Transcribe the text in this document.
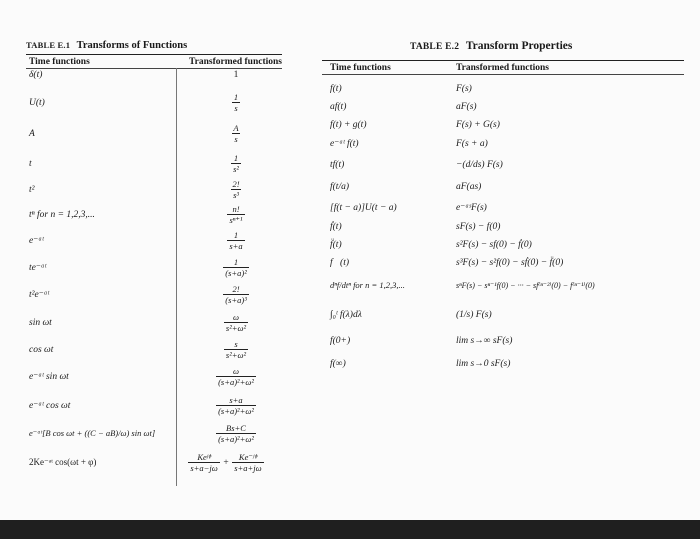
TABLE E.1 Transforms of Functions
Time functions	Transformed functions
δ(t)	1
U(t)	$\frac{1}{s}$
A	$\frac{A}{s}$
t	$\frac{1}{\text{s²}}$
t²	$\frac{2!}{\text{s³}}$
tⁿ for n = 1,2,3,...	$\frac{n!}{\text{sⁿ⁺¹}}$
e⁻ᵃᵗ	$\frac{1}{s+a}$
te⁻ᵃᵗ	$\frac{1}{\text{(s+a)²}}$
t²e⁻ᵃᵗ	$\frac{2!}{\text{(s+a)³}}$
sin ωt	$\frac{\omega}{\text{s²+ω²}}$
cos ωt	$\frac{s}{\text{s²+ω²}}$
e⁻ᵃᵗ sin ωt	$\frac{\omega}{\text{(s+a)²+ω²}}$
e⁻ᵃᵗ cos ωt	$\frac{s+a}{\text{(s+a)²+ω²}}$
e⁻ᵃᵗ[B cos ωt + ((C − aB)/ω) sin ωt]	$\frac{Bs+C}{\text{(s+a)²+ω²}}$
2Ke⁻ᵃᵗ cos(ωt + φ)	$\frac{\text{Keʲᶲ}}{s+a-j\omega} + \frac{\text{Ke⁻ʲᶲ}}{s+a+j\omega}$
TABLE E.2 Transform Properties
Time functions	Transformed functions
f(t)	F(s)
af(t)	aF(s)
f(t) + g(t)	F(s) + G(s)
e⁻ᵃᵗ f(t)	F(s + a)
tf(t)	−(d/ds) F(s)
f(t/a)	aF(as)
[f(t − a)]U(t − a)	e⁻ᵃˢF(s)
ḟ(t)	sF(s) − f(0)
f̈(t)	s²F(s) − sf(0) − ḟ(0)
f⃛(t)	s³F(s) − s²f(0) − sḟ(0) − f̈(0)
dⁿf/dtⁿ for n = 1,2,3,...	sⁿF(s) − sⁿ⁻¹f(0) − ··· − sf⁽ⁿ⁻²⁾(0) − f⁽ⁿ⁻¹⁾(0)
∫₀ᵗ f(λ)dλ	(1/s) F(s)
f(0+)	lim s→∞ sF(s)
f(∞)	lim s→0 sF(s)
